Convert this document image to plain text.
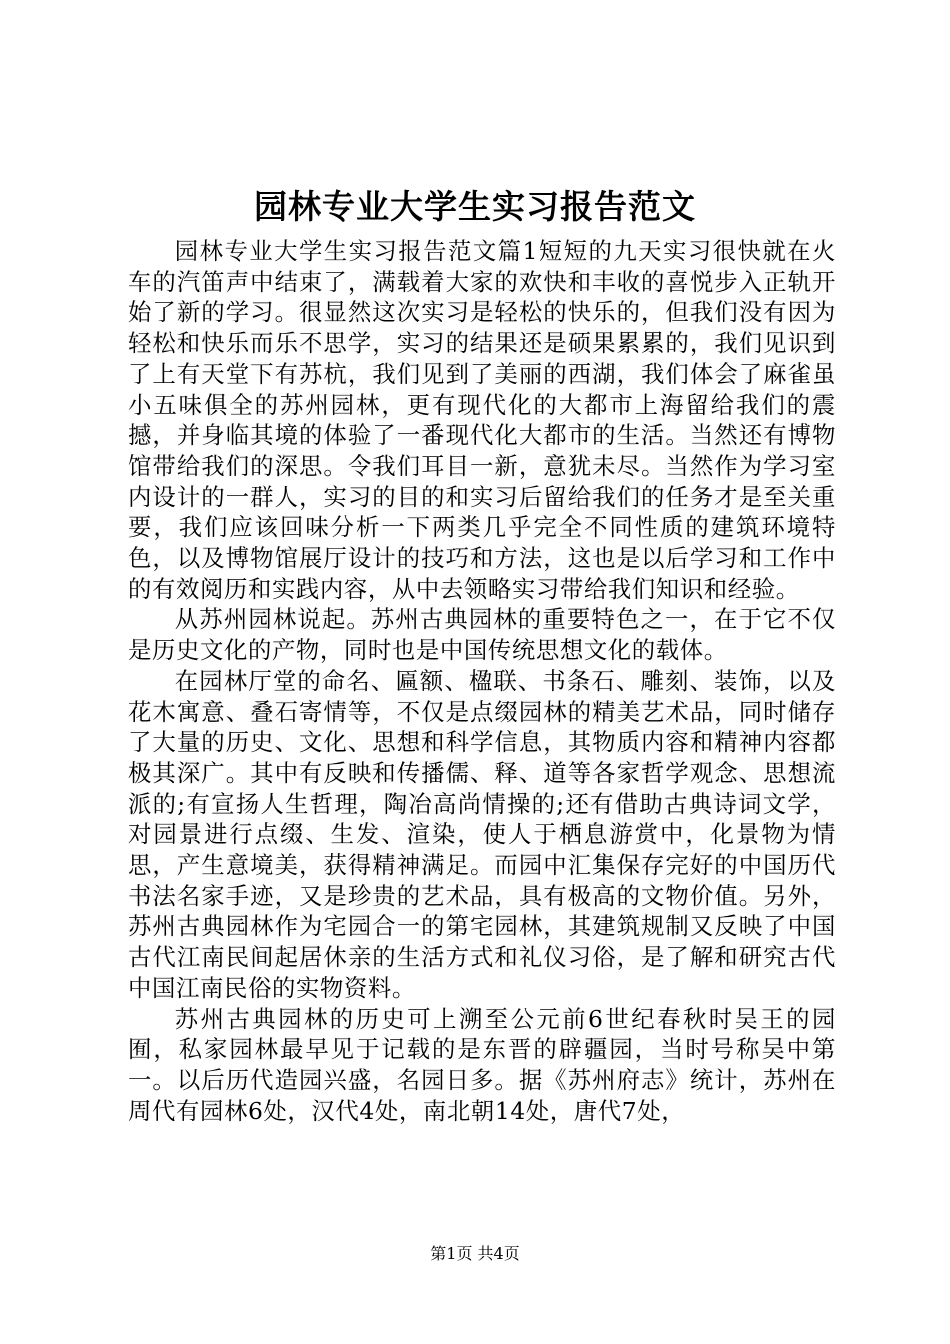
园林专业大学生实习报告范文

园林专业大学生实习报告范文篇1短短的九天实习很快就在火车的汽笛声中结束了，满载着大家的欢快和丰收的喜悦步入正轨开始了新的学习。很显然这次实习是轻松的快乐的，但我们没有因为轻松和快乐而乐不思学，实习的结果还是硕果累累的，我们见识到了上有天堂下有苏杭，我们见到了美丽的西湖，我们体会了麻雀虽小五味俱全的苏州园林，更有现代化的大都市上海留给我们的震撼，并身临其境的体验了一番现代化大都市的生活。当然还有博物馆带给我们的深思。令我们耳目一新，意犹未尽。当然作为学习室内设计的一群人，实习的目的和实习后留给我们的任务才是至关重要，我们应该回味分析一下两类几乎完全不同性质的建筑环境特色，以及博物馆展厅设计的技巧和方法，这也是以后学习和工作中的有效阅历和实践内容，从中去领略实习带给我们知识和经验。

从苏州园林说起。苏州古典园林的重要特色之一，在于它不仅是历史文化的产物，同时也是中国传统思想文化的载体。

在园林厅堂的命名、匾额、楹联、书条石、雕刻、装饰，以及花木寓意、叠石寄情等，不仅是点缀园林的精美艺术品，同时储存了大量的历史、文化、思想和科学信息，其物质内容和精神内容都极其深广。其中有反映和传播儒、释、道等各家哲学观念、思想流派的;有宣扬人生哲理，陶冶高尚情操的;还有借助古典诗词文学，对园景进行点缀、生发、渲染，使人于栖息游赏中，化景物为情思，产生意境美，获得精神满足。而园中汇集保存完好的中国历代书法名家手迹，又是珍贵的艺术品，具有极高的文物价值。另外，苏州古典园林作为宅园合一的第宅园林，其建筑规制又反映了中国古代江南民间起居休亲的生活方式和礼仪习俗，是了解和研究古代中国江南民俗的实物资料。

苏州古典园林的历史可上溯至公元前6世纪春秋时吴王的园囿，私家园林最早见于记载的是东晋的辟疆园，当时号称吴中第一。以后历代造园兴盛，名园日多。据《苏州府志》统计，苏州在周代有园林6处，汉代4处，南北朝14处，唐代7处，

第1页 共4页
